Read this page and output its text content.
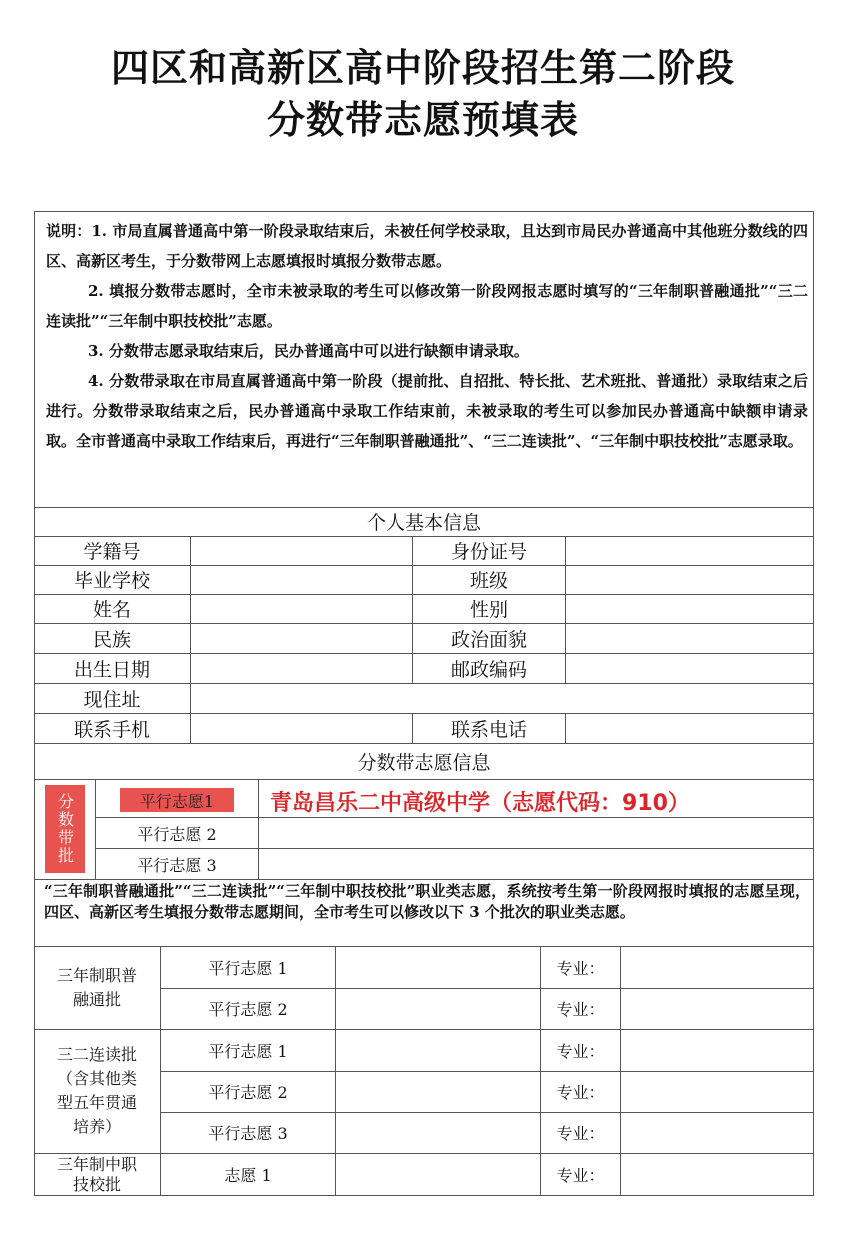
四区和高新区高中阶段招生第二阶段
分数带志愿预填表

说明：1. 市局直属普通高中第一阶段录取结束后，未被任何学校录取，且达到市局民办普通高中其他班分数线的四区、高新区考生，于分数带网上志愿填报时填报分数带志愿。

2. 填报分数带志愿时，全市未被录取的考生可以修改第一阶段网报志愿时填写的“三年制职普融通批”“三二连读批”“三年制中职技校批”志愿。

3. 分数带志愿录取结束后，民办普通高中可以进行缺额申请录取。

4. 分数带录取在市局直属普通高中第一阶段（提前批、自招批、特长批、艺术班批、普通批）录取结束之后进行。分数带录取结束之后，民办普通高中录取工作结束前，未被录取的考生可以参加民办普通高中缺额申请录取。全市普通高中录取工作结束后，再进行“三年制职普融通批”、“三二连读批”、“三年制中职技校批”志愿录取。

个人基本信息
学籍号	身份证号
毕业学校	班级
姓名	性别
民族	政治面貌
出生日期	邮政编码
现住址
联系手机	联系电话
分数带志愿信息
分数带批	平行志愿1	青岛昌乐二中高级中学（志愿代码：910）
平行志愿 2
平行志愿 3
“三年制职普融通批”“三二连读批”“三年制中职技校批”职业类志愿，系统按考生第一阶段网报时填报的志愿呈现，四区、高新区考生填报分数带志愿期间，全市考生可以修改以下 3 个批次的职业类志愿。
三年制职普
融通批
平行志愿 1	专业：
平行志愿 2	专业：
三二连读批
（含其他类
型五年贯通
培养）
平行志愿 1	专业：
平行志愿 2	专业：
平行志愿 3	专业：
三年制中职
技校批	志愿 1	专业：
